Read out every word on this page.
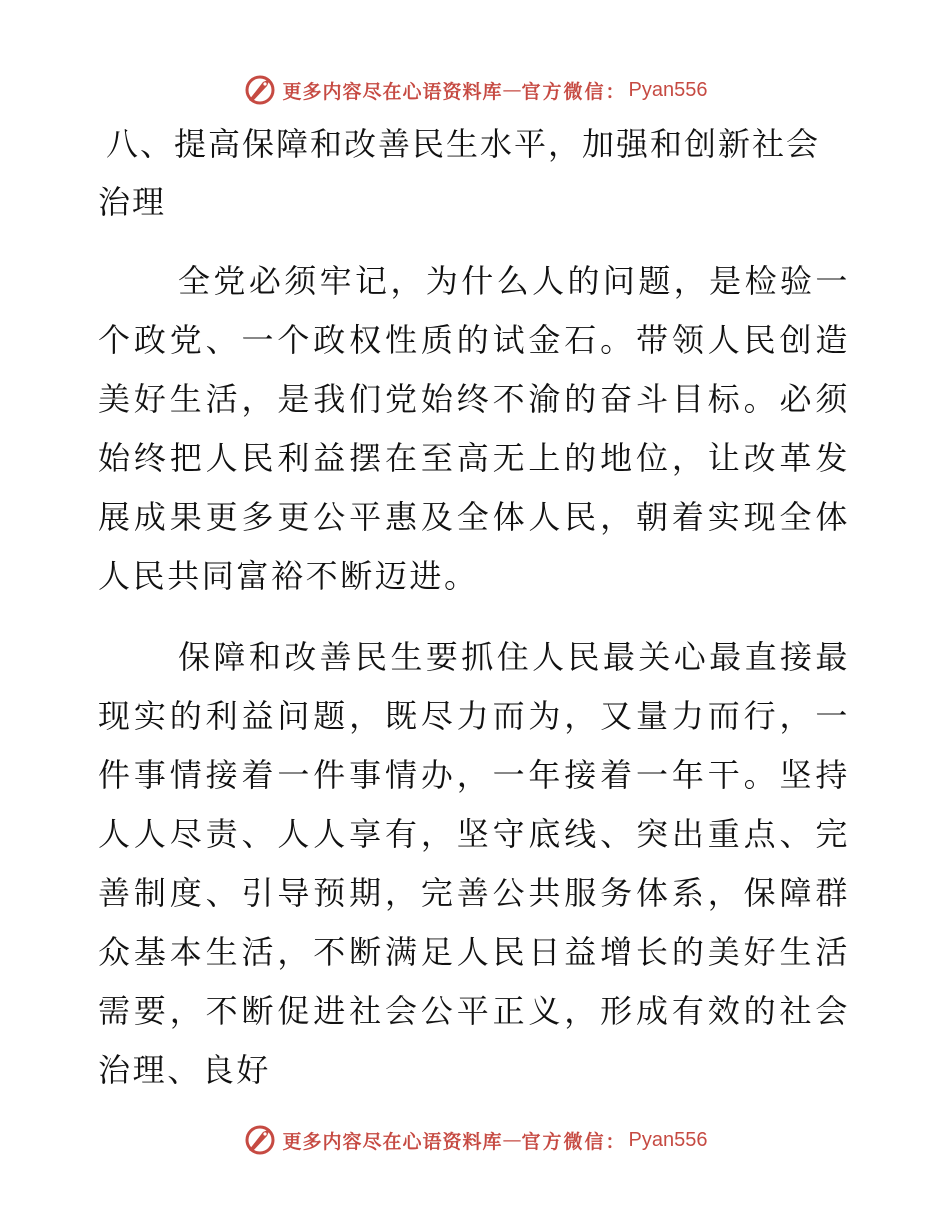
更多内容尽在心语资料库 — 官方微信： Pyan556
八、提高保障和改善民生水平，加强和创新社会治理

全党必须牢记，为什么人的问题，是检验一个政党、一个政权性质的试金石。带领人民创造美好生活，是我们党始终不渝的奋斗目标。必须始终把人民利益摆在至高无上的地位，让改革发展成果更多更公平惠及全体人民，朝着实现全体人民共同富裕不断迈进。

保障和改善民生要抓住人民最关心最直接最现实的利益问题，既尽力而为，又量力而行，一件事情接着一件事情办，一年接着一年干。坚持人人尽责、人人享有，坚守底线、突出重点、完善制度、引导预期，完善公共服务体系，保障群众基本生活，不断满足人民日益增长的美好生活需要，不断促进社会公平正义，形成有效的社会治理、良好

更多内容尽在心语资料库 — 官方微信： Pyan556
